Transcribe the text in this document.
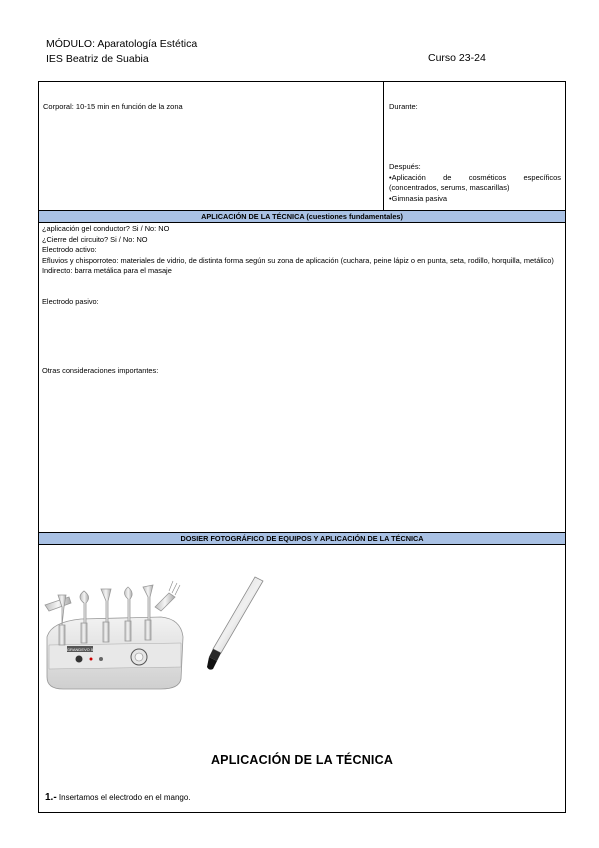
MÓDULO: Aparatología Estética
IES Beatriz de Suabia	Curso 23-24
Corporal: 10-15 min en función de la zona	Durante:
Después:
•Aplicación de cosméticos específicos (concentrados, serums, mascarillas)
•Gimnasia pasiva
APLICACIÓN DE LA TÉCNICA (cuestiones fundamentales)
¿aplicación gel conductor? Si / No: NO
¿Cierre del circuito? Si / No: NO
Electrodo activo:
Efluvios y chisporroteo: materiales de vidrio, de distinta forma según su zona de aplicación (cuchara, peine lápiz o en punta, seta, rodillo, horquilla, metálico)
Indirecto: barra metálica para el masaje
Electrodo pasivo:
Otras consideraciones importantes:
DOSIER FOTOGRÁFICO DE EQUIPOS Y APLICACIÓN DE LA TÉCNICA
GRANDEVO 5
APLICACIÓN DE LA TÉCNICA
1.- Insertamos el electrodo en el mango.
